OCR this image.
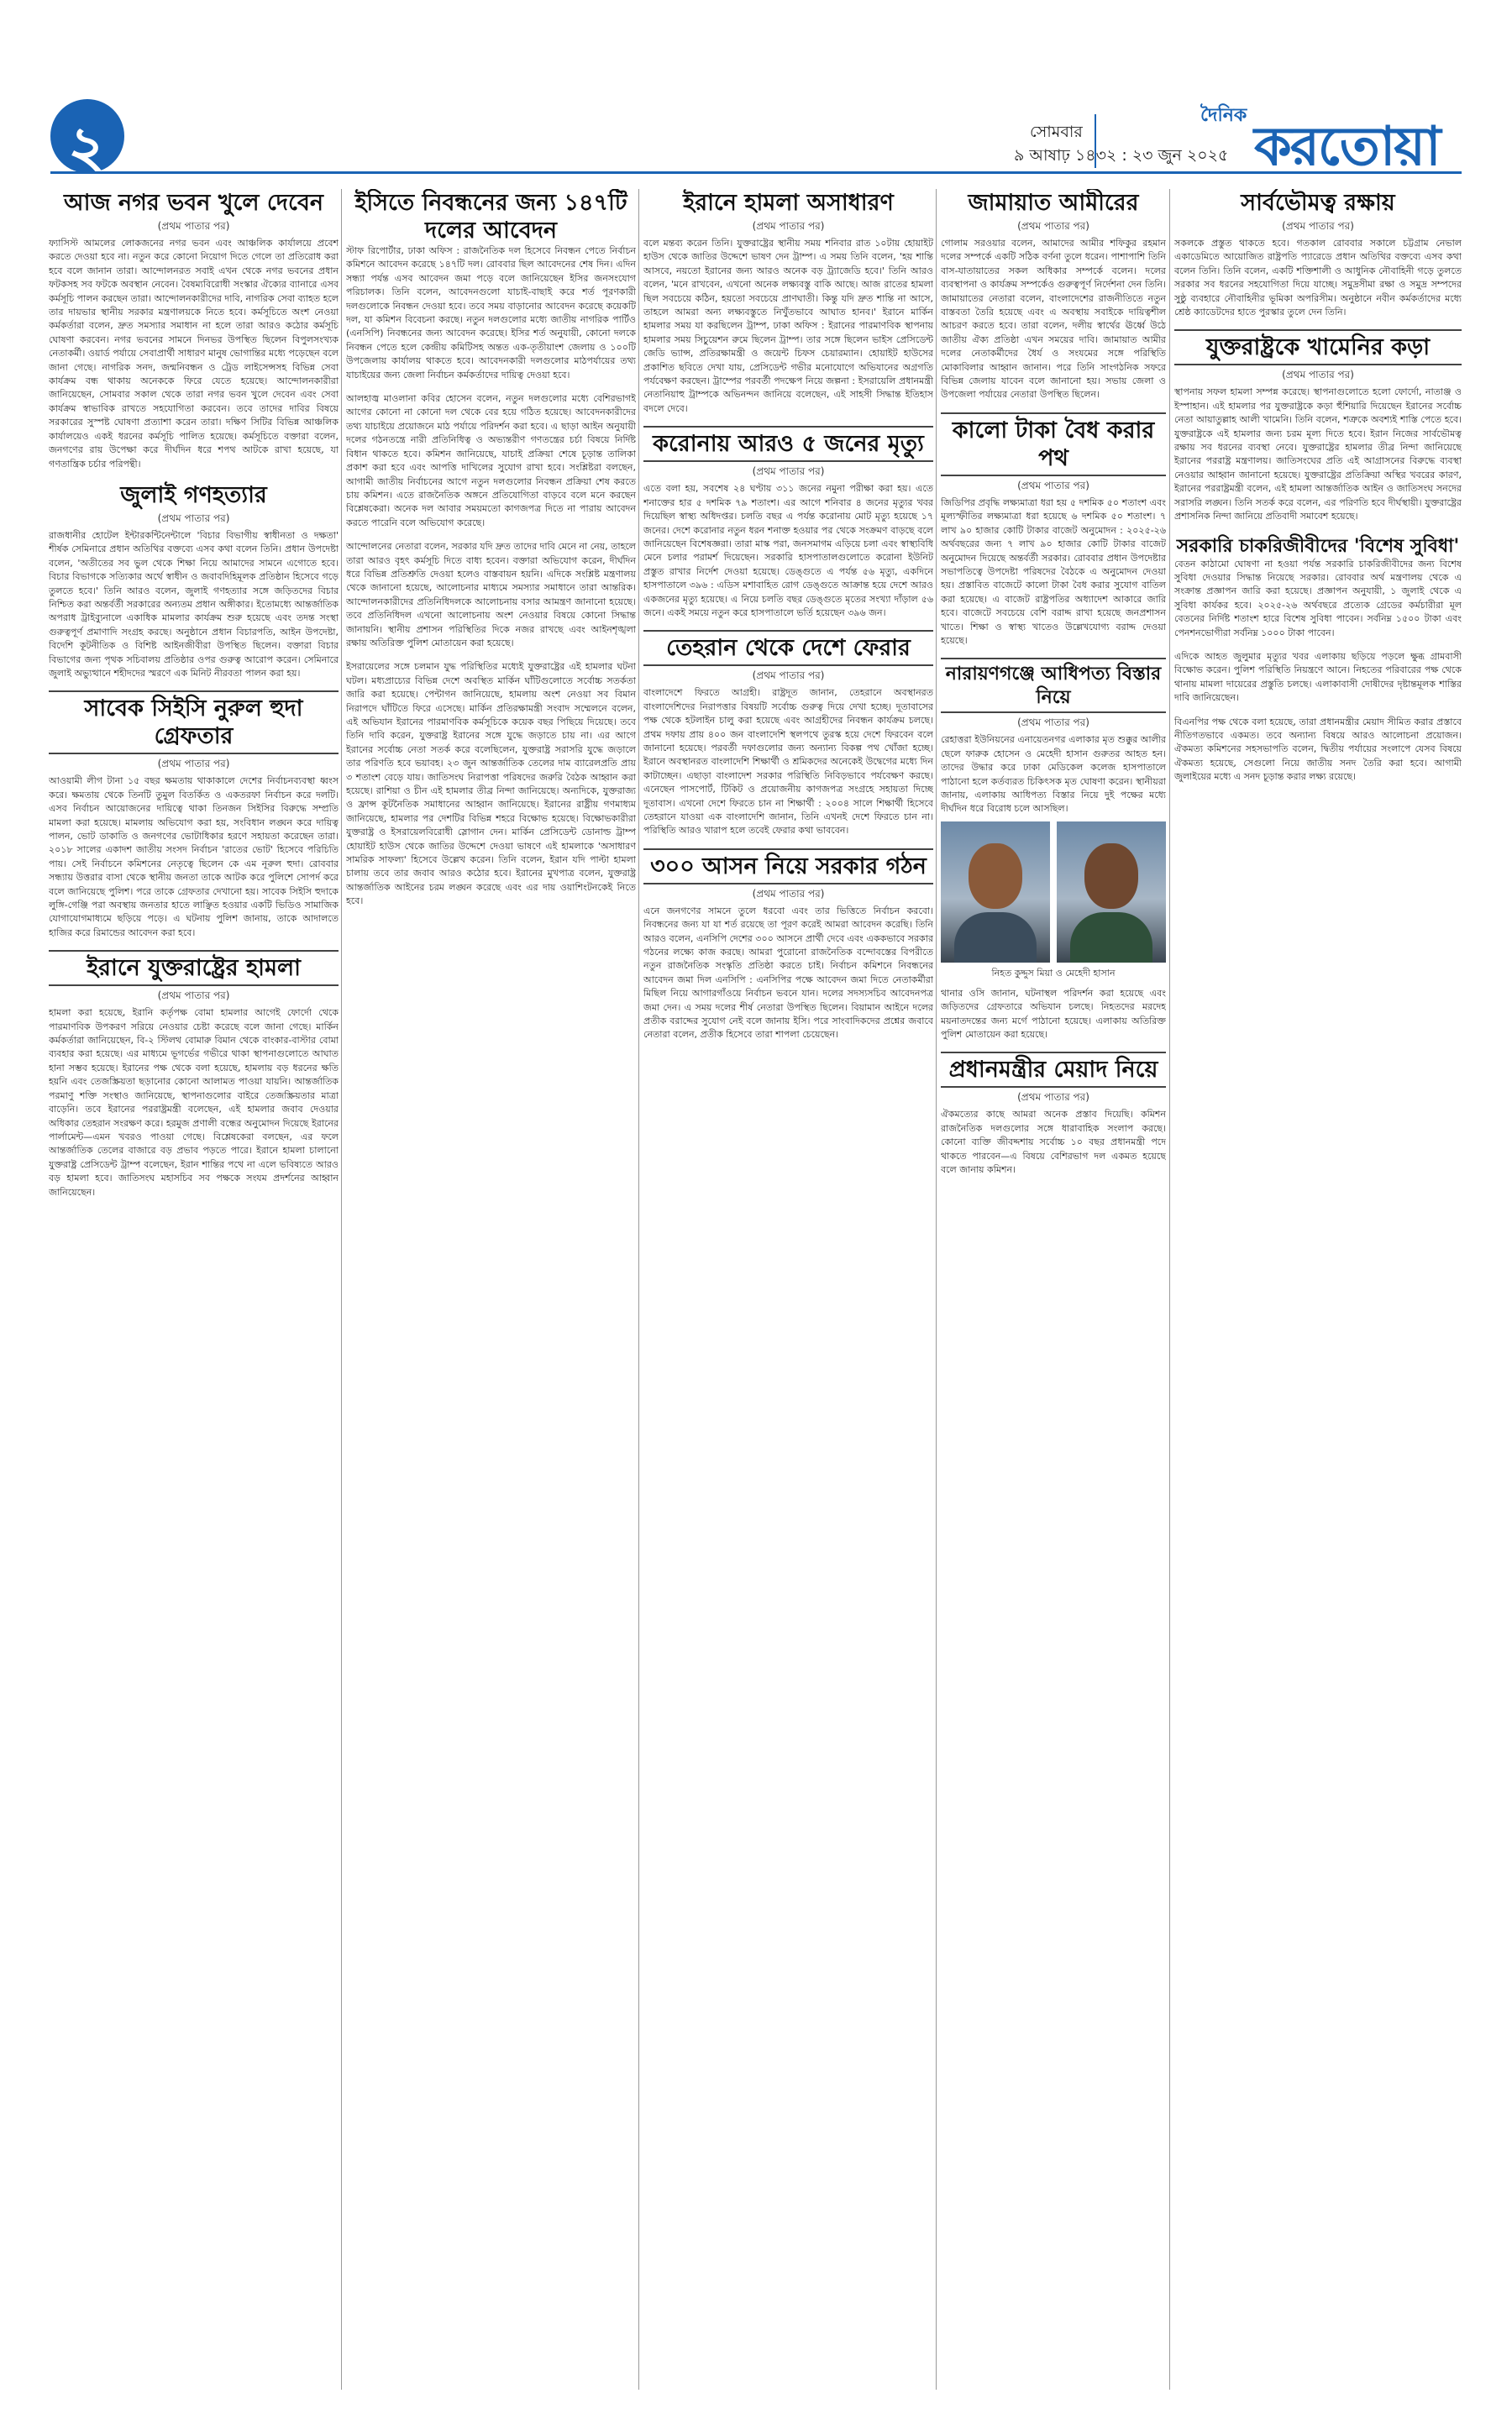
২	সোমবার
৯ আষাঢ় ১৪৩২ : ২৩ জুন ২০২৫
দৈনিক করতোয়া
আজ নগর ভবন খুলে দেবেন
(প্রথম পাতার পর)
ফ্যাসিস্ট আমলের লোকজনের নগর ভবন এবং আঞ্চলিক কার্যালয়ে প্রবেশ করতে দেওয়া হবে না। নতুন করে কোনো নিয়োগ দিতে গেলে তা প্রতিরোধ করা হবে বলে জানান তারা। আন্দোলনরত সবাই এখন থেকে নগর ভবনের প্রধান ফটকসহ সব ফটকে অবস্থান নেবেন। বৈষম্যবিরোধী সংস্কার ঐক্যের ব্যানারে এসব কর্মসূচি পালন করছেন তারা। আন্দোলনকারীদের দাবি, নাগরিক সেবা ব্যাহত হলে তার দায়ভার স্থানীয় সরকার মন্ত্রণালয়কে নিতে হবে। কর্মসূচিতে অংশ নেওয়া কর্মকর্তারা বলেন, দ্রুত সমস্যার সমাধান না হলে তারা আরও কঠোর কর্মসূচি ঘোষণা করবেন। নগর ভবনের সামনে দিনভর উপস্থিত ছিলেন বিপুলসংখ্যক নেতাকর্মী। ওয়ার্ড পর্যায়ে সেবাপ্রার্থী সাধারণ মানুষ ভোগান্তির মধ্যে পড়েছেন বলে জানা গেছে। নাগরিক সনদ, জন্মনিবন্ধন ও ট্রেড লাইসেন্সসহ বিভিন্ন সেবা কার্যক্রম বন্ধ থাকায় অনেককে ফিরে যেতে হয়েছে। আন্দোলনকারীরা জানিয়েছেন, সোমবার সকাল থেকে তারা নগর ভবন খুলে দেবেন এবং সেবা কার্যক্রম স্বাভাবিক রাখতে সহযোগিতা করবেন। তবে তাদের দাবির বিষয়ে সরকারের সুস্পষ্ট ঘোষণা প্রত্যাশা করেন তারা। দক্ষিণ সিটির বিভিন্ন আঞ্চলিক কার্যালয়েও একই ধরনের কর্মসূচি পালিত হয়েছে। কর্মসূচিতে বক্তারা বলেন, জনগণের রায় উপেক্ষা করে দীর্ঘদিন ধরে শপথ আটকে রাখা হয়েছে, যা গণতান্ত্রিক চর্চার পরিপন্থী।
জুলাই গণহত্যার
(প্রথম পাতার পর)
রাজধানীর হোটেল ইন্টারকন্টিনেন্টালে 'বিচার বিভাগীয় স্বাধীনতা ও দক্ষতা' শীর্ষক সেমিনারে প্রধান অতিথির বক্তব্যে এসব কথা বলেন তিনি। প্রধান উপদেষ্টা বলেন, 'অতীতের সব ভুল থেকে শিক্ষা নিয়ে আমাদের সামনে এগোতে হবে। বিচার বিভাগকে সত্যিকার অর্থে স্বাধীন ও জবাবদিহিমূলক প্রতিষ্ঠান হিসেবে গড়ে তুলতে হবে।' তিনি আরও বলেন, জুলাই গণহত্যার সঙ্গে জড়িতদের বিচার নিশ্চিত করা অন্তর্বর্তী সরকারের অন্যতম প্রধান অঙ্গীকার। ইতোমধ্যে আন্তর্জাতিক অপরাধ ট্রাইব্যুনালে একাধিক মামলার কার্যক্রম শুরু হয়েছে এবং তদন্ত সংস্থা গুরুত্বপূর্ণ প্রমাণাদি সংগ্রহ করছে। অনুষ্ঠানে প্রধান বিচারপতি, আইন উপদেষ্টা, বিদেশি কূটনীতিক ও বিশিষ্ট আইনজীবীরা উপস্থিত ছিলেন। বক্তারা বিচার বিভাগের জন্য পৃথক সচিবালয় প্রতিষ্ঠার ওপর গুরুত্ব আরোপ করেন। সেমিনারে জুলাই অভ্যুত্থানে শহীদদের স্মরণে এক মিনিট নীরবতা পালন করা হয়।
সাবেক সিইসি নুরুল হুদা গ্রেফতার
(প্রথম পাতার পর)
আওয়ামী লীগ টানা ১৫ বছর ক্ষমতায় থাকাকালে দেশের নির্বাচনব্যবস্থা ধ্বংস করে। ক্ষমতায় থেকে তিনটি তুমুল বিতর্কিত ও একতরফা নির্বাচন করে দলটি। এসব নির্বাচন আয়োজনের দায়িত্বে থাকা তিনজন সিইসির বিরুদ্ধে সম্প্রতি মামলা করা হয়েছে। মামলায় অভিযোগ করা হয়, সংবিধান লঙ্ঘন করে দায়িত্ব পালন, ভোট ডাকাতি ও জনগণের ভোটাধিকার হরণে সহায়তা করেছেন তারা। ২০১৮ সালের একাদশ জাতীয় সংসদ নির্বাচন 'রাতের ভোট' হিসেবে পরিচিতি পায়। সেই নির্বাচনে কমিশনের নেতৃত্বে ছিলেন কে এম নূরুল হুদা। রোববার সন্ধ্যায় উত্তরার বাসা থেকে স্থানীয় জনতা তাকে আটক করে পুলিশে সোপর্দ করে বলে জানিয়েছে পুলিশ। পরে তাকে গ্রেফতার দেখানো হয়। সাবেক সিইসি হুদাকে লুঙ্গি-গেঞ্জি পরা অবস্থায় জনতার হাতে লাঞ্ছিত হওয়ার একটি ভিডিও সামাজিক যোগাযোগমাধ্যমে ছড়িয়ে পড়ে। এ ঘটনায় পুলিশ জানায়, তাকে আদালতে হাজির করে রিমান্ডের আবেদন করা হবে।
ইরানে যুক্তরাষ্ট্রের হামলা
(প্রথম পাতার পর)
হামলা করা হয়েছে, ইরানি কর্তৃপক্ষ বোমা হামলার আগেই ফোর্দো থেকে পারমাণবিক উপকরণ সরিয়ে নেওয়ার চেষ্টা করেছে বলে জানা গেছে। মার্কিন কর্মকর্তারা জানিয়েছেন, বি-২ স্টিলথ বোমারু বিমান থেকে বাংকার-বাস্টার বোমা ব্যবহার করা হয়েছে। এর মাধ্যমে ভূগর্ভের গভীরে থাকা স্থাপনাগুলোতে আঘাত হানা সম্ভব হয়েছে। ইরানের পক্ষ থেকে বলা হয়েছে, হামলায় বড় ধরনের ক্ষতি হয়নি এবং তেজস্ক্রিয়তা ছড়ানোর কোনো আলামত পাওয়া যায়নি। আন্তর্জাতিক পরমাণু শক্তি সংস্থাও জানিয়েছে, স্থাপনাগুলোর বাইরে তেজস্ক্রিয়তার মাত্রা বাড়েনি। তবে ইরানের পররাষ্ট্রমন্ত্রী বলেছেন, এই হামলার জবাব দেওয়ার অধিকার তেহরান সংরক্ষণ করে। হরমুজ প্রণালী বন্ধের অনুমোদন দিয়েছে ইরানের পার্লামেন্ট—এমন খবরও পাওয়া গেছে। বিশ্লেষকেরা বলছেন, এর ফলে আন্তর্জাতিক তেলের বাজারে বড় প্রভাব পড়তে পারে। ইরানে হামলা চালানো যুক্তরাষ্ট্র প্রেসিডেন্ট ট্রাম্প বলেছেন, ইরান শান্তির পথে না এলে ভবিষ্যতে আরও বড় হামলা হবে। জাতিসংঘ মহাসচিব সব পক্ষকে সংযম প্রদর্শনের আহ্বান জানিয়েছেন।
ইসিতে নিবন্ধনের জন্য ১৪৭টি দলের আবেদন
স্টাফ রিপোর্টার, ঢাকা অফিস : রাজনৈতিক দল হিসেবে নিবন্ধন পেতে নির্বাচন কমিশনে আবেদন করেছে ১৪৭টি দল। রোববার ছিল আবেদনের শেষ দিন। এদিন সন্ধ্যা পর্যন্ত এসব আবেদন জমা পড়ে বলে জানিয়েছেন ইসির জনসংযোগ পরিচালক। তিনি বলেন, আবেদনগুলো যাচাই-বাছাই করে শর্ত পূরণকারী দলগুলোকে নিবন্ধন দেওয়া হবে। তবে সময় বাড়ানোর আবেদন করেছে কয়েকটি দল, যা কমিশন বিবেচনা করছে। নতুন দলগুলোর মধ্যে জাতীয় নাগরিক পার্টিও (এনসিপি) নিবন্ধনের জন্য আবেদন করেছে। ইসির শর্ত অনুযায়ী, কোনো দলকে নিবন্ধন পেতে হলে কেন্দ্রীয় কমিটিসহ অন্তত এক-তৃতীয়াংশ জেলায় ও ১০০টি উপজেলায় কার্যালয় থাকতে হবে। আবেদনকারী দলগুলোর মাঠপর্যায়ের তথ্য যাচাইয়ের জন্য জেলা নির্বাচন কর্মকর্তাদের দায়িত্ব দেওয়া হবে।
আলহাজ্ব মাওলানা কবির হোসেন বলেন, নতুন দলগুলোর মধ্যে বেশিরভাগই আগের কোনো না কোনো দল থেকে বের হয়ে গঠিত হয়েছে। আবেদনকারীদের তথ্য যাচাইয়ে প্রয়োজনে মাঠ পর্যায়ে পরিদর্শন করা হবে। এ ছাড়া আইন অনুযায়ী দলের গঠনতন্ত্রে নারী প্রতিনিধিত্ব ও অভ্যন্তরীণ গণতন্ত্রের চর্চা বিষয়ে নির্দিষ্ট বিধান থাকতে হবে। কমিশন জানিয়েছে, যাচাই প্রক্রিয়া শেষে চূড়ান্ত তালিকা প্রকাশ করা হবে এবং আপত্তি দাখিলের সুযোগ রাখা হবে। সংশ্লিষ্টরা বলছেন, আগামী জাতীয় নির্বাচনের আগে নতুন দলগুলোর নিবন্ধন প্রক্রিয়া শেষ করতে চায় কমিশন। এতে রাজনৈতিক অঙ্গনে প্রতিযোগিতা বাড়বে বলে মনে করছেন বিশ্লেষকেরা। অনেক দল আবার সময়মতো কাগজপত্র দিতে না পারায় আবেদন করতে পারেনি বলে অভিযোগ করেছে।
আন্দোলনের নেতারা বলেন, সরকার যদি দ্রুত তাদের দাবি মেনে না নেয়, তাহলে তারা আরও বৃহৎ কর্মসূচি দিতে বাধ্য হবেন। বক্তারা অভিযোগ করেন, দীর্ঘদিন ধরে বিভিন্ন প্রতিশ্রুতি দেওয়া হলেও বাস্তবায়ন হয়নি। এদিকে সংশ্লিষ্ট মন্ত্রণালয় থেকে জানানো হয়েছে, আলোচনার মাধ্যমে সমস্যার সমাধানে তারা আন্তরিক। আন্দোলনকারীদের প্রতিনিধিদলকে আলোচনায় বসার আমন্ত্রণ জানানো হয়েছে। তবে প্রতিনিধিদল এখনো আলোচনায় অংশ নেওয়ার বিষয়ে কোনো সিদ্ধান্ত জানায়নি। স্থানীয় প্রশাসন পরিস্থিতির দিকে নজর রাখছে এবং আইনশৃঙ্খলা রক্ষায় অতিরিক্ত পুলিশ মোতায়েন করা হয়েছে।
ইসরায়েলের সঙ্গে চলমান যুদ্ধ পরিস্থিতির মধ্যেই যুক্তরাষ্ট্রের এই হামলার ঘটনা ঘটল। মধ্যপ্রাচ্যের বিভিন্ন দেশে অবস্থিত মার্কিন ঘাঁটিগুলোতে সর্বোচ্চ সতর্কতা জারি করা হয়েছে। পেন্টাগন জানিয়েছে, হামলায় অংশ নেওয়া সব বিমান নিরাপদে ঘাঁটিতে ফিরে এসেছে। মার্কিন প্রতিরক্ষামন্ত্রী সংবাদ সম্মেলনে বলেন, এই অভিযান ইরানের পারমাণবিক কর্মসূচিকে কয়েক বছর পিছিয়ে দিয়েছে। তবে তিনি দাবি করেন, যুক্তরাষ্ট্র ইরানের সঙ্গে যুদ্ধে জড়াতে চায় না। এর আগে ইরানের সর্বোচ্চ নেতা সতর্ক করে বলেছিলেন, যুক্তরাষ্ট্র সরাসরি যুদ্ধে জড়ালে তার পরিণতি হবে ভয়াবহ। ২৩ জুন আন্তর্জাতিক তেলের দাম ব্যারেলপ্রতি প্রায় ৩ শতাংশ বেড়ে যায়। জাতিসংঘ নিরাপত্তা পরিষদের জরুরি বৈঠক আহ্বান করা হয়েছে। রাশিয়া ও চীন এই হামলার তীব্র নিন্দা জানিয়েছে। অন্যদিকে, যুক্তরাজ্য ও ফ্রান্স কূটনৈতিক সমাধানের আহ্বান জানিয়েছে। ইরানের রাষ্ট্রীয় গণমাধ্যম জানিয়েছে, হামলার পর দেশটির বিভিন্ন শহরে বিক্ষোভ হয়েছে। বিক্ষোভকারীরা যুক্তরাষ্ট্র ও ইসরায়েলবিরোধী স্লোগান দেন। মার্কিন প্রেসিডেন্ট ডোনাল্ড ট্রাম্প হোয়াইট হাউস থেকে জাতির উদ্দেশে দেওয়া ভাষণে এই হামলাকে 'অসাধারণ সামরিক সাফল্য' হিসেবে উল্লেখ করেন। তিনি বলেন, ইরান যদি পাল্টা হামলা চালায় তবে তার জবাব আরও কঠোর হবে। ইরানের মুখপাত্র বলেন, যুক্তরাষ্ট্র আন্তর্জাতিক আইনের চরম লঙ্ঘন করেছে এবং এর দায় ওয়াশিংটনকেই নিতে হবে।
ইরানে হামলা অসাধারণ
(প্রথম পাতার পর)
বলে মন্তব্য করেন তিনি। যুক্তরাষ্ট্রের স্থানীয় সময় শনিবার রাত ১০টায় হোয়াইট হাউস থেকে জাতির উদ্দেশে ভাষণ দেন ট্রাম্প। এ সময় তিনি বলেন, 'হয় শান্তি আসবে, নয়তো ইরানের জন্য আরও অনেক বড় ট্র্যাজেডি হবে।' তিনি আরও বলেন, 'মনে রাখবেন, এখনো অনেক লক্ষ্যবস্তু বাকি আছে। আজ রাতের হামলা ছিল সবচেয়ে কঠিন, হয়তো সবচেয়ে প্রাণঘাতী। কিন্তু যদি দ্রুত শান্তি না আসে, তাহলে আমরা অন্য লক্ষ্যবস্তুতে নিখুঁতভাবে আঘাত হানব।' ইরানে মার্কিন হামলার সময় যা করছিলেন ট্রাম্প, ঢাকা অফিস : ইরানের পারমাণবিক স্থাপনায় হামলার সময় সিচুয়েশন রুমে ছিলেন ট্রাম্প। তার সঙ্গে ছিলেন ভাইস প্রেসিডেন্ট জেডি ভ্যান্স, প্রতিরক্ষামন্ত্রী ও জয়েন্ট চিফস চেয়ারম্যান। হোয়াইট হাউসের প্রকাশিত ছবিতে দেখা যায়, প্রেসিডেন্ট গভীর মনোযোগে অভিযানের অগ্রগতি পর্যবেক্ষণ করছেন। ট্রাম্পের পরবর্তী পদক্ষেপ নিয়ে জল্পনা : ইসরায়েলি প্রধানমন্ত্রী নেতানিয়াহু ট্রাম্পকে অভিনন্দন জানিয়ে বলেছেন, এই সাহসী সিদ্ধান্ত ইতিহাস বদলে দেবে।
করোনায় আরও ৫ জনের মৃত্যু
(প্রথম পাতার পর)
এতে বলা হয়, সবশেষ ২৪ ঘণ্টায় ৩১১ জনের নমুনা পরীক্ষা করা হয়। এতে শনাক্তের হার ৫ দশমিক ৭৯ শতাংশ। এর আগে শনিবার ৪ জনের মৃত্যুর খবর দিয়েছিল স্বাস্থ্য অধিদপ্তর। চলতি বছর এ পর্যন্ত করোনায় মোট মৃত্যু হয়েছে ১৭ জনের। দেশে করোনার নতুন ধরন শনাক্ত হওয়ার পর থেকে সংক্রমণ বাড়ছে বলে জানিয়েছেন বিশেষজ্ঞরা। তারা মাস্ক পরা, জনসমাগম এড়িয়ে চলা এবং স্বাস্থ্যবিধি মেনে চলার পরামর্শ দিয়েছেন। সরকারি হাসপাতালগুলোতে করোনা ইউনিট প্রস্তুত রাখার নির্দেশ দেওয়া হয়েছে। ডেঙ্গুতে এ পর্যন্ত ৫৬ মৃত্যু, একদিনে হাসপাতালে ৩৯৬ : এডিস মশাবাহিত রোগ ডেঙ্গুতে আক্রান্ত হয়ে দেশে আরও একজনের মৃত্যু হয়েছে। এ নিয়ে চলতি বছর ডেঙ্গুতে মৃতের সংখ্যা দাঁড়াল ৫৬ জনে। একই সময়ে নতুন করে হাসপাতালে ভর্তি হয়েছেন ৩৯৬ জন।
তেহরান থেকে দেশে ফেরার
(প্রথম পাতার পর)
বাংলাদেশে ফিরতে আগ্রহী। রাষ্ট্রদূত জানান, তেহরানে অবস্থানরত বাংলাদেশিদের নিরাপত্তার বিষয়টি সর্বোচ্চ গুরুত্ব দিয়ে দেখা হচ্ছে। দূতাবাসের পক্ষ থেকে হটলাইন চালু করা হয়েছে এবং আগ্রহীদের নিবন্ধন কার্যক্রম চলছে। প্রথম দফায় প্রায় ৪০০ জন বাংলাদেশি স্থলপথে তুরস্ক হয়ে দেশে ফিরবেন বলে জানানো হয়েছে। পরবর্তী দফাগুলোর জন্য অন্যান্য বিকল্প পথ খোঁজা হচ্ছে। ইরানে অবস্থানরত বাংলাদেশি শিক্ষার্থী ও শ্রমিকদের অনেকেই উদ্বেগের মধ্যে দিন কাটাচ্ছেন। এছাড়া বাংলাদেশ সরকার পরিস্থিতি নিবিড়ভাবে পর্যবেক্ষণ করছে। এনেছেন পাসপোর্ট, টিকিট ও প্রয়োজনীয় কাগজপত্র সংগ্রহে সহায়তা দিচ্ছে দূতাবাস। এখনো দেশে ফিরতে চান না শিক্ষার্থী : ২০০৪ সালে শিক্ষার্থী হিসেবে তেহরানে যাওয়া এক বাংলাদেশি জানান, তিনি এখনই দেশে ফিরতে চান না। পরিস্থিতি আরও খারাপ হলে তবেই ফেরার কথা ভাববেন।
৩০০ আসন নিয়ে সরকার গঠন
(প্রথম পাতার পর)
এনে জনগণের সামনে তুলে ধরবো এবং তার ভিত্তিতে নির্বাচন করবো। নিবন্ধনের জন্য যা যা শর্ত রয়েছে তা পূরণ করেই আমরা আবেদন করেছি। তিনি আরও বলেন, এনসিপি দেশের ৩০০ আসনে প্রার্থী দেবে এবং এককভাবে সরকার গঠনের লক্ষ্যে কাজ করছে। আমরা পুরোনো রাজনৈতিক বন্দোবস্তের বিপরীতে নতুন রাজনৈতিক সংস্কৃতি প্রতিষ্ঠা করতে চাই। নির্বাচন কমিশনে নিবন্ধনের আবেদন জমা দিল এনসিপি : এনসিপির পক্ষে আবেদন জমা দিতে নেতাকর্মীরা মিছিল নিয়ে আগারগাঁওয়ে নির্বাচন ভবনে যান। দলের সদস্যসচিব আবেদনপত্র জমা দেন। এ সময় দলের শীর্ষ নেতারা উপস্থিত ছিলেন। বিয়ামান আইনে দলের প্রতীক বরাদ্দের সুযোগ নেই বলে জানায় ইসি। পরে সাংবাদিকদের প্রশ্নের জবাবে নেতারা বলেন, প্রতীক হিসেবে তারা শাপলা চেয়েছেন।
জামায়াত আমীরের
(প্রথম পাতার পর)
গোলাম সরওয়ার বলেন, আমাদের আমীর শফিকুর রহমান দলের সম্পর্কে একটি সঠিক বর্ণনা তুলে ধরেন। পাশাপাশি তিনি বাস-যাতায়াতের সকল অধিকার সম্পর্কে বলেন। দলের ব্যবস্থাপনা ও কার্যক্রম সম্পর্কেও গুরুত্বপূর্ণ নির্দেশনা দেন তিনি। জামায়াতের নেতারা বলেন, বাংলাদেশের রাজনীতিতে নতুন বাস্তবতা তৈরি হয়েছে এবং এ অবস্থায় সবাইকে দায়িত্বশীল আচরণ করতে হবে। তারা বলেন, দলীয় স্বার্থের ঊর্ধ্বে উঠে জাতীয় ঐক্য প্রতিষ্ঠা এখন সময়ের দাবি। জামায়াত আমীর দলের নেতাকর্মীদের ধৈর্য ও সংযমের সঙ্গে পরিস্থিতি মোকাবিলার আহ্বান জানান। পরে তিনি সাংগঠনিক সফরে বিভিন্ন জেলায় যাবেন বলে জানানো হয়। সভায় জেলা ও উপজেলা পর্যায়ের নেতারা উপস্থিত ছিলেন।
কালো টাকা বৈধ করার পথ
(প্রথম পাতার পর)
জিডিপির প্রবৃদ্ধি লক্ষ্যমাত্রা ধরা হয় ৫ দশমিক ৫০ শতাংশ এবং মূল্যস্ফীতির লক্ষ্যমাত্রা ধরা হয়েছে ৬ দশমিক ৫০ শতাংশ। ৭ লাখ ৯০ হাজার কোটি টাকার বাজেট অনুমোদন : ২০২৫-২৬ অর্থবছরের জন্য ৭ লাখ ৯০ হাজার কোটি টাকার বাজেট অনুমোদন দিয়েছে অন্তর্বর্তী সরকার। রোববার প্রধান উপদেষ্টার সভাপতিত্বে উপদেষ্টা পরিষদের বৈঠকে এ অনুমোদন দেওয়া হয়। প্রস্তাবিত বাজেটে কালো টাকা বৈধ করার সুযোগ বাতিল করা হয়েছে। এ বাজেট রাষ্ট্রপতির অধ্যাদেশ আকারে জারি হবে। বাজেটে সবচেয়ে বেশি বরাদ্দ রাখা হয়েছে জনপ্রশাসন খাতে। শিক্ষা ও স্বাস্থ্য খাতেও উল্লেখযোগ্য বরাদ্দ দেওয়া হয়েছে।
নারায়ণগঞ্জে আধিপত্য বিস্তার নিয়ে
(প্রথম পাতার পর)
রেহাত্তরা ইউনিয়নের এনায়েতনগর এলাকার মৃত শুক্কুর আলীর ছেলে ফারুক হোসেন ও মেহেদী হাসান গুরুতর আহত হন। তাদের উদ্ধার করে ঢাকা মেডিকেল কলেজ হাসপাতালে পাঠানো হলে কর্তব্যরত চিকিৎসক মৃত ঘোষণা করেন। স্থানীয়রা জানায়, এলাকায় আধিপত্য বিস্তার নিয়ে দুই পক্ষের মধ্যে দীর্ঘদিন ধরে বিরোধ চলে আসছিল।
নিহত কুদ্দুস মিয়া ও মেহেদী হাসান
থানার ওসি জানান, ঘটনাস্থল পরিদর্শন করা হয়েছে এবং জড়িতদের গ্রেফতারে অভিযান চলছে। নিহতদের মরদেহ ময়নাতদন্তের জন্য মর্গে পাঠানো হয়েছে। এলাকায় অতিরিক্ত পুলিশ মোতায়েন করা হয়েছে।
প্রধানমন্ত্রীর মেয়াদ নিয়ে
(প্রথম পাতার পর)
ঐকমত্যের কাছে আমরা অনেক প্রস্তাব দিয়েছি। কমিশন রাজনৈতিক দলগুলোর সঙ্গে ধারাবাহিক সংলাপ করছে। কোনো ব্যক্তি জীবদ্দশায় সর্বোচ্চ ১০ বছর প্রধানমন্ত্রী পদে থাকতে পারবেন—এ বিষয়ে বেশিরভাগ দল একমত হয়েছে বলে জানায় কমিশন।
সার্বভৌমত্ব রক্ষায়
(প্রথম পাতার পর)
সকলকে প্রস্তুত থাকতে হবে। গতকাল রোববার সকালে চট্টগ্রাম নেভাল একাডেমিতে আয়োজিত রাষ্ট্রপতি প্যারেডে প্রধান অতিথির বক্তব্যে এসব কথা বলেন তিনি। তিনি বলেন, একটি শক্তিশালী ও আধুনিক নৌবাহিনী গড়ে তুলতে সরকার সব ধরনের সহযোগিতা দিয়ে যাচ্ছে। সমুদ্রসীমা রক্ষা ও সমুদ্র সম্পদের সুষ্ঠু ব্যবহারে নৌবাহিনীর ভূমিকা অপরিসীম। অনুষ্ঠানে নবীন কর্মকর্তাদের মধ্যে শ্রেষ্ঠ ক্যাডেটদের হাতে পুরস্কার তুলে দেন তিনি।
যুক্তরাষ্ট্রকে খামেনির কড়া
(প্রথম পাতার পর)
স্থাপনায় সফল হামলা সম্পন্ন করেছে। স্থাপনাগুলোতে হলো ফোর্দো, নাতাঞ্জ ও ইস্পাহান। এই হামলার পর যুক্তরাষ্ট্রকে কড়া হুঁশিয়ারি দিয়েছেন ইরানের সর্বোচ্চ নেতা আয়াতুল্লাহ আলী খামেনি। তিনি বলেন, শত্রুকে অবশ্যই শাস্তি পেতে হবে। যুক্তরাষ্ট্রকে এই হামলার জন্য চরম মূল্য দিতে হবে। ইরান নিজের সার্বভৌমত্ব রক্ষায় সব ধরনের ব্যবস্থা নেবে। যুক্তরাষ্ট্রের হামলার তীব্র নিন্দা জানিয়েছে ইরানের পররাষ্ট্র মন্ত্রণালয়। জাতিসংঘের প্রতি এই আগ্রাসনের বিরুদ্ধে ব্যবস্থা নেওয়ার আহ্বান জানানো হয়েছে। যুক্তরাষ্ট্রের প্রতিক্রিয়া অস্থির খবরের কারণ, ইরানের পররাষ্ট্রমন্ত্রী বলেন, এই হামলা আন্তর্জাতিক আইন ও জাতিসংঘ সনদের সরাসরি লঙ্ঘন। তিনি সতর্ক করে বলেন, এর পরিণতি হবে দীর্ঘস্থায়ী। যুক্তরাষ্ট্রের প্রশাসনিক নিন্দা জানিয়ে প্রতিবাদী সমাবেশ হয়েছে।
সরকারি চাকরিজীবীদের 'বিশেষ সুবিধা'
বেতন কাঠামো ঘোষণা না হওয়া পর্যন্ত সরকারি চাকরিজীবীদের জন্য বিশেষ সুবিধা দেওয়ার সিদ্ধান্ত নিয়েছে সরকার। রোববার অর্থ মন্ত্রণালয় থেকে এ সংক্রান্ত প্রজ্ঞাপন জারি করা হয়েছে। প্রজ্ঞাপন অনুযায়ী, ১ জুলাই থেকে এ সুবিধা কার্যকর হবে। ২০২৫-২৬ অর্থবছরে প্রত্যেক গ্রেডের কর্মচারীরা মূল বেতনের নির্দিষ্ট শতাংশ হারে বিশেষ সুবিধা পাবেন। সর্বনিম্ন ১৫০০ টাকা এবং পেনশনভোগীরা সর্বনিম্ন ১০০০ টাকা পাবেন।
এদিকে আহত জুলুমার মৃত্যুর খবর এলাকায় ছড়িয়ে পড়লে ক্ষুব্ধ গ্রামবাসী বিক্ষোভ করেন। পুলিশ পরিস্থিতি নিয়ন্ত্রণে আনে। নিহতের পরিবারের পক্ষ থেকে থানায় মামলা দায়েরের প্রস্তুতি চলছে। এলাকাবাসী দোষীদের দৃষ্টান্তমূলক শাস্তির দাবি জানিয়েছেন।
বিএনপির পক্ষ থেকে বলা হয়েছে, তারা প্রধানমন্ত্রীর মেয়াদ সীমিত করার প্রস্তাবে নীতিগতভাবে একমত। তবে অন্যান্য বিষয়ে আরও আলোচনা প্রয়োজন। ঐকমত্য কমিশনের সহসভাপতি বলেন, দ্বিতীয় পর্যায়ের সংলাপে যেসব বিষয়ে ঐকমত্য হয়েছে, সেগুলো নিয়ে জাতীয় সনদ তৈরি করা হবে। আগামী জুলাইয়ের মধ্যে এ সনদ চূড়ান্ত করার লক্ষ্য রয়েছে।
